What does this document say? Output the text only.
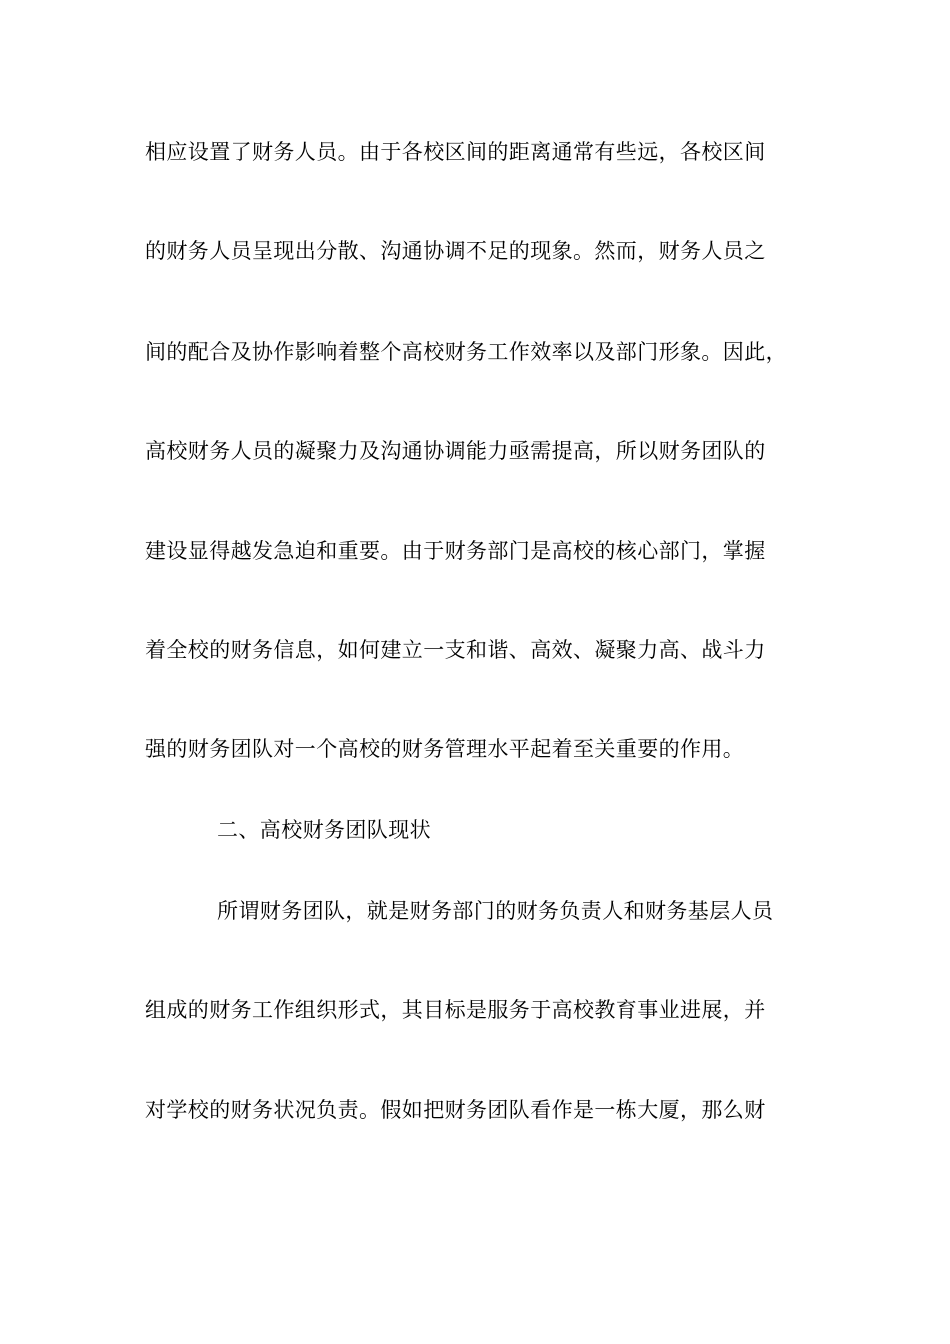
相应设置了财务人员。由于各校区间的距离通常有些远，各校区间
的财务人员呈现出分散、沟通协调不足的现象。然而，财务人员之
间的配合及协作影响着整个高校财务工作效率以及部门形象。因此，
高校财务人员的凝聚力及沟通协调能力亟需提高，所以财务团队的
建设显得越发急迫和重要。由于财务部门是高校的核心部门，掌握
着全校的财务信息，如何建立一支和谐、高效、凝聚力高、战斗力
强的财务团队对一个高校的财务管理水平起着至关重要的作用。
二、高校财务团队现状
所谓财务团队，就是财务部门的财务负责人和财务基层人员
组成的财务工作组织形式，其目标是服务于高校教育事业进展，并
对学校的财务状况负责。假如把财务团队看作是一栋大厦，那么财
